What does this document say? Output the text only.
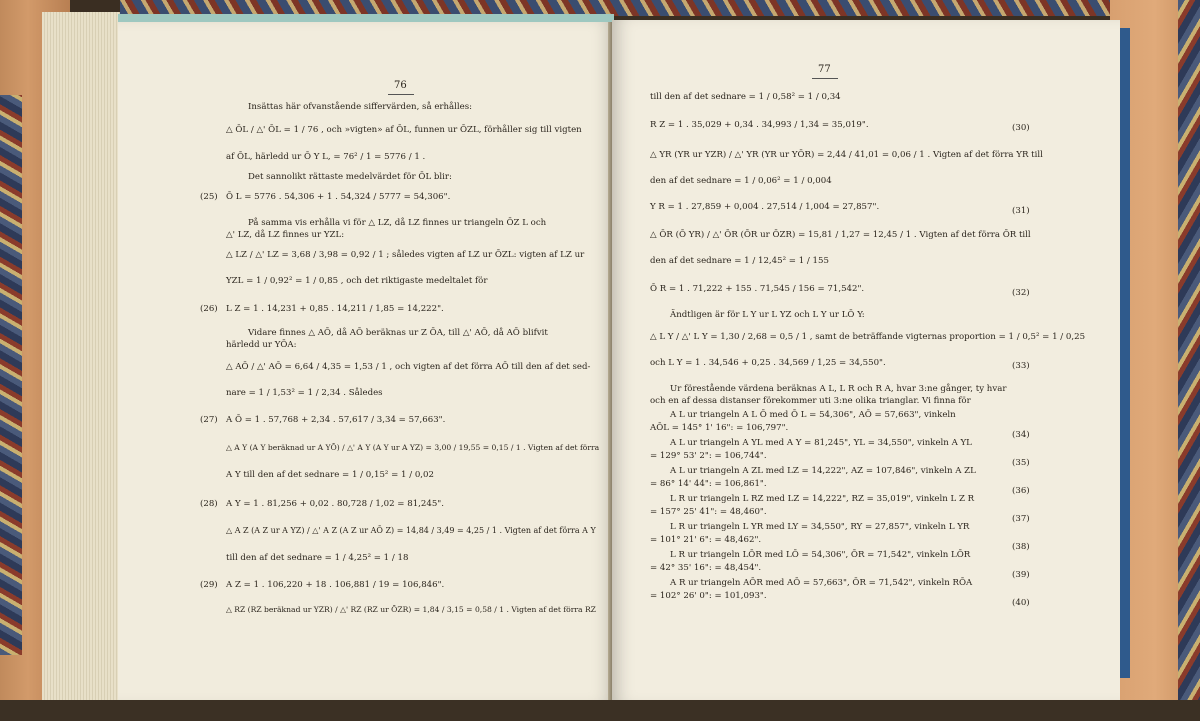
76
Insättas här ofvanstående siffervärden, så erhålles:
△ ŌL / △' ŌL = 1 / 76 , och »vigten» af ŌL, funnen ur ŌZL, förhåller sig till vigten
af ŌL, härledd ur Ō Y L, = 76² / 1 = 5776 / 1 .
Det sannolikt rättaste medelvärdet för ŌL blir:
(25) Ō L = 5776 . 54,306 + 1 . 54,324 / 5777 = 54,306".
På samma vis erhålla vi för △ LZ, då LZ finnes ur triangeln ŌZ L och
△' LZ, då LZ finnes ur YZL:
△ LZ / △' LZ = 3,68 / 3,98 = 0,92 / 1 ; således vigten af LZ ur ŌZL: vigten af LZ ur
YZL = 1 / 0,92² = 1 / 0,85 , och det riktigaste medeltalet för
(26) L Z = 1 . 14,231 + 0,85 . 14,211 / 1,85 = 14,222".
Vidare finnes △ AŌ, då AŌ beräknas ur Z ŌA, till △' AŌ, då AŌ blifvit
härledd ur YŌA:
△ AŌ / △' AŌ = 6,64 / 4,35 = 1,53 / 1 , och vigten af det förra AŌ till den af det sed-
nare = 1 / 1,53² = 1 / 2,34 . Således
(27) A Ō = 1 . 57,768 + 2,34 . 57,617 / 3,34 = 57,663".
△ A Y (A Y beräknad ur A YŌ) / △' A Y (A Y ur A YZ) = 3,00 / 19,55 = 0,15 / 1 . Vigten af det förra
A Y till den af det sednare = 1 / 0,15² = 1 / 0,02
(28) A Y = 1 . 81,256 + 0,02 . 80,728 / 1,02 = 81,245".
△ A Z (A Z ur A YZ) / △' A Z (A Z ur AŌ Z) = 14,84 / 3,49 = 4,25 / 1 . Vigten af det förra A Y
till den af det sednare = 1 / 4,25² = 1 / 18
(29) A Z = 1 . 106,220 + 18 . 106,881 / 19 = 106,846".
△ RZ (RZ beräknad ur YZR) / △' RZ (RZ ur ŌZR) = 1,84 / 3,15 = 0,58 / 1 . Vigten af det förra RZ
77
till den af det sednare = 1 / 0,58² = 1 / 0,34
R Z = 1 . 35,029 + 0,34 . 34,993 / 1,34 = 35,019".	(30)
△ YR (YR ur YZR) / △' YR (YR ur YŌR) = 2,44 / 41,01 = 0,06 / 1 . Vigten af det förra YR till
den af det sednare = 1 / 0,06² = 1 / 0,004
Y R = 1 . 27,859 + 0,004 . 27,514 / 1,004 = 27,857".	(31)
△ ŌR (Ō YR) / △' ŌR (ŌR ur ŌZR) = 15,81 / 1,27 = 12,45 / 1 . Vigten af det förra ŌR till
den af det sednare = 1 / 12,45² = 1 / 155
Ō R = 1 . 71,222 + 155 . 71,545 / 156 = 71,542".	(32)
Ändtligen är för L Y ur L YZ och L Y ur LŌ Y:
△ L Y / △' L Y = 1,30 / 2,68 = 0,5 / 1 , samt de beträffande vigternas proportion = 1 / 0,5² = 1 / 0,25
och L Y = 1 . 34,546 + 0,25 . 34,569 / 1,25 = 34,550".	(33)
Ur förestående värdena beräknas A L, L R och R A, hvar 3:ne gånger, ty hvar
och en af dessa distanser förekommer uti 3:ne olika trianglar. Vi finna för
A L ur triangeln A L Ō med Ō L = 54,306", AŌ = 57,663", vinkeln
AŌL = 145° 1' 16": = 106,797".
(34)
A L ur triangeln A YL med A Y = 81,245", YL = 34,550", vinkeln A YL
= 129° 53' 2": = 106,744".
(35)
A L ur triangeln A ZL med LZ = 14,222", AZ = 107,846", vinkeln A ZL
= 86° 14' 44": = 106,861".
(36)
L R ur triangeln L RZ med LZ = 14,222", RZ = 35,019", vinkeln L Z R
= 157° 25' 41": = 48,460".
(37)
L R ur triangeln L YR med LY = 34,550", RY = 27,857", vinkeln L YR
= 101° 21' 6": = 48,462".
(38)
L R ur triangeln LŌR med LŌ = 54,306", ŌR = 71,542", vinkeln LŌR
= 42° 35' 16": = 48,454".
(39)
A R ur triangeln AŌR med AŌ = 57,663", ŌR = 71,542", vinkeln RŌA
= 102° 26' 0": = 101,093".
(40)
